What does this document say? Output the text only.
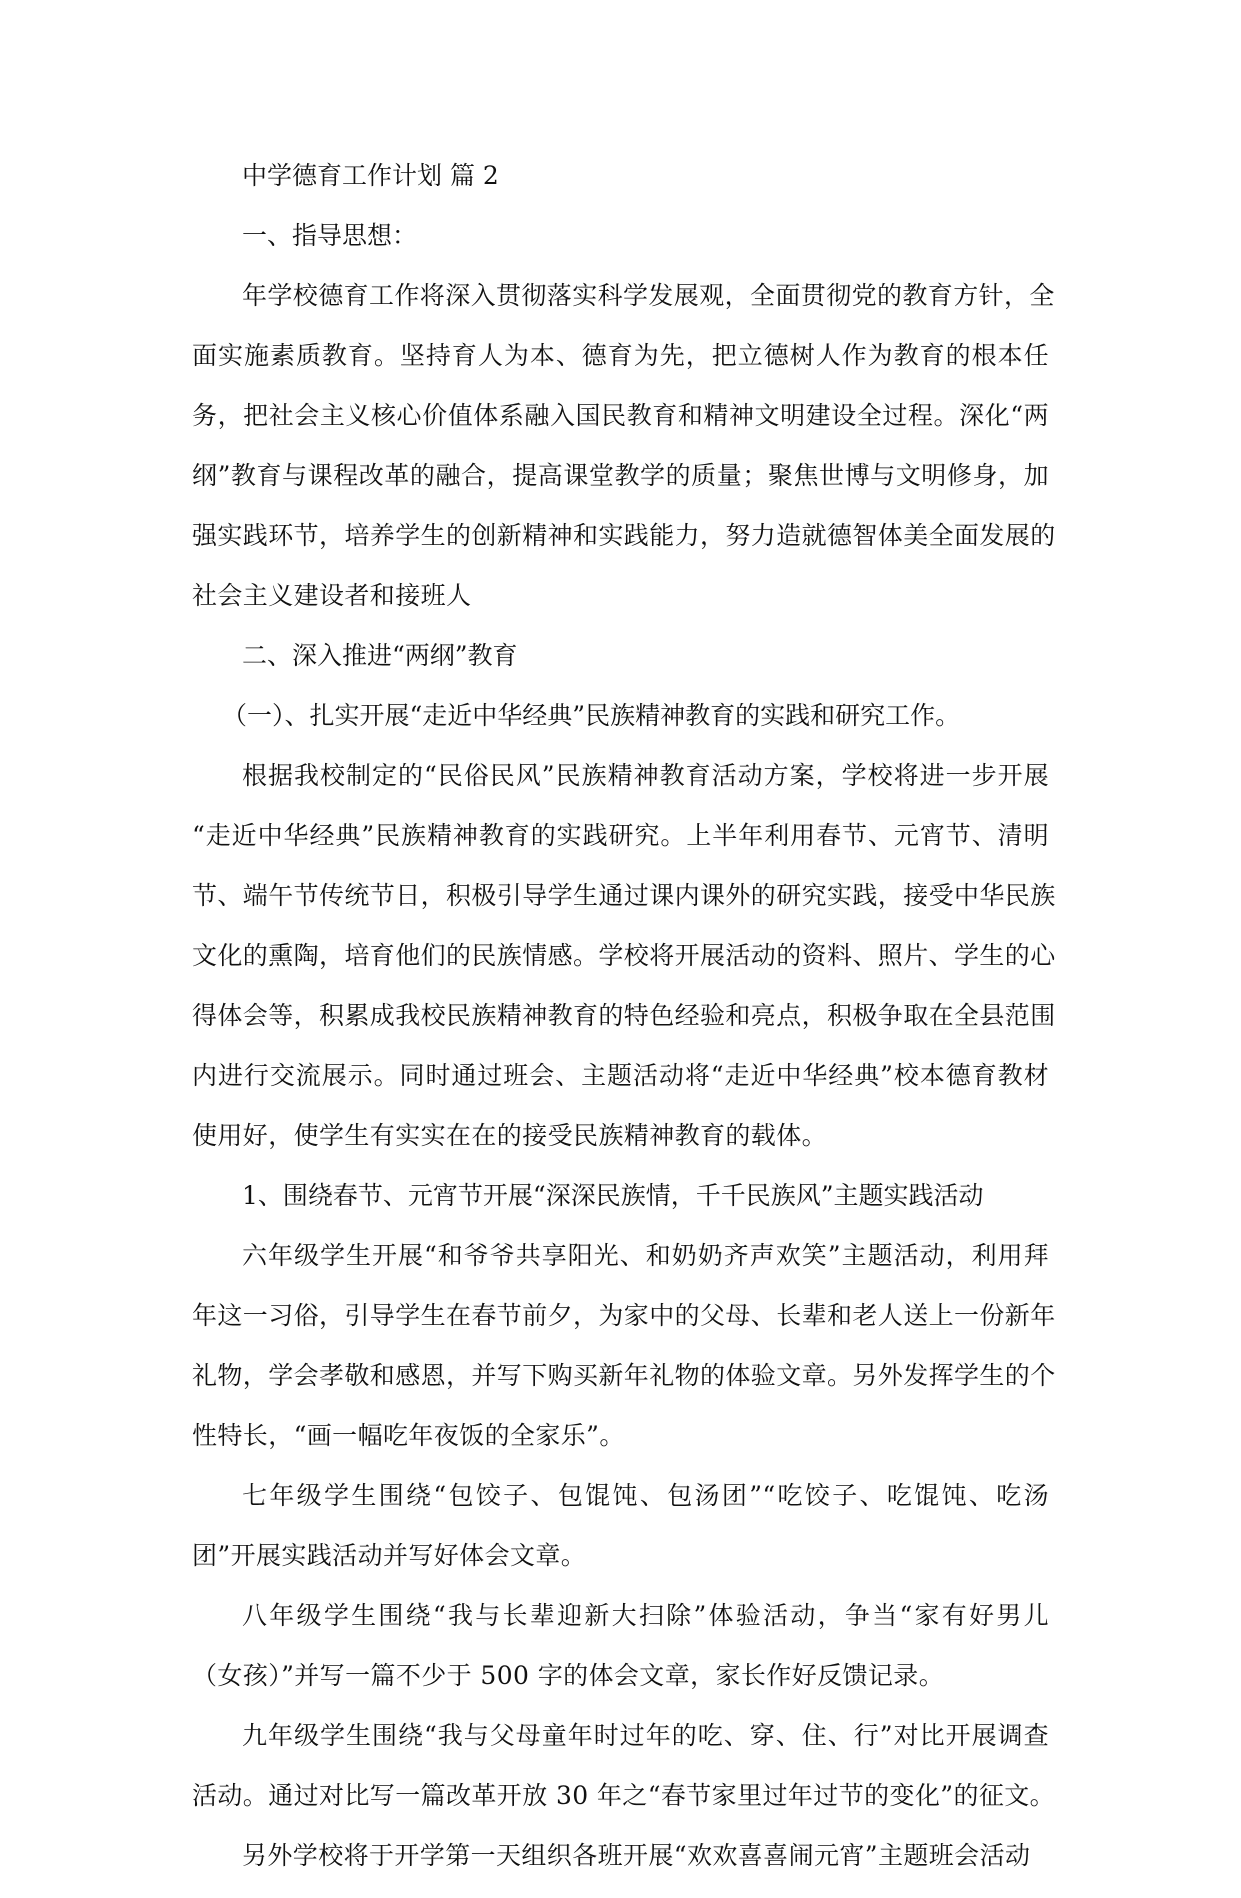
中学德育工作计划 篇 2
一、指导思想：
年学校德育工作将深入贯彻落实科学发展观，全面贯彻党的教育方针，全
面实施素质教育。坚持育人为本、德育为先，把立德树人作为教育的根本任
务，把社会主义核心价值体系融入国民教育和精神文明建设全过程。深化“两
纲”教育与课程改革的融合，提高课堂教学的质量；聚焦世博与文明修身，加
强实践环节，培养学生的创新精神和实践能力，努力造就德智体美全面发展的
社会主义建设者和接班人
二、深入推进“两纲”教育
（一）、扎实开展“走近中华经典”民族精神教育的实践和研究工作。
根据我校制定的“民俗民风”民族精神教育活动方案，学校将进一步开展
“走近中华经典”民族精神教育的实践研究。上半年利用春节、元宵节、清明
节、端午节传统节日，积极引导学生通过课内课外的研究实践，接受中华民族
文化的熏陶，培育他们的民族情感。学校将开展活动的资料、照片、学生的心
得体会等，积累成我校民族精神教育的特色经验和亮点，积极争取在全县范围
内进行交流展示。同时通过班会、主题活动将“走近中华经典”校本德育教材
使用好，使学生有实实在在的接受民族精神教育的载体。
1、围绕春节、元宵节开展“深深民族情，千千民族风”主题实践活动
六年级学生开展“和爷爷共享阳光、和奶奶齐声欢笑”主题活动，利用拜
年这一习俗，引导学生在春节前夕，为家中的父母、长辈和老人送上一份新年
礼物，学会孝敬和感恩，并写下购买新年礼物的体验文章。另外发挥学生的个
性特长，“画一幅吃年夜饭的全家乐”。
七年级学生围绕“包饺子、包馄饨、包汤团”“吃饺子、吃馄饨、吃汤
团”开展实践活动并写好体会文章。
八年级学生围绕“我与长辈迎新大扫除”体验活动，争当“家有好男儿
（女孩）”并写一篇不少于 500 字的体会文章，家长作好反馈记录。
九年级学生围绕“我与父母童年时过年的吃、穿、住、行”对比开展调查
活动。通过对比写一篇改革开放 30 年之“春节家里过年过节的变化”的征文。
另外学校将于开学第一天组织各班开展“欢欢喜喜闹元宵”主题班会活动
